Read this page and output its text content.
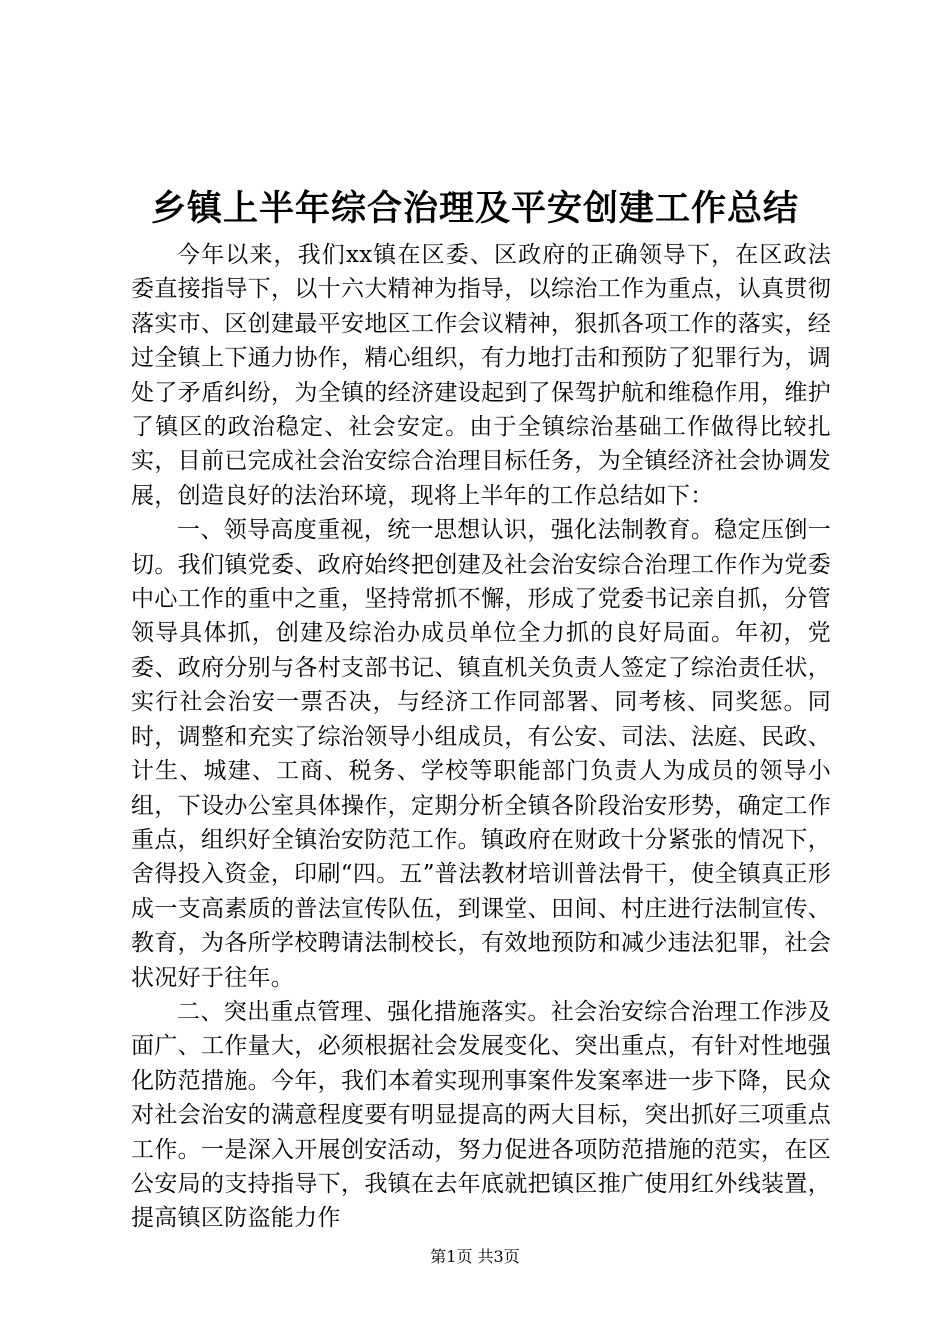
乡镇上半年综合治理及平安创建工作总结

今年以来，我们xx镇在区委、区政府的正确领导下，在区政法委直接指导下，以十六大精神为指导，以综治工作为重点，认真贯彻落实市、区创建最平安地区工作会议精神，狠抓各项工作的落实，经过全镇上下通力协作，精心组织，有力地打击和预防了犯罪行为，调处了矛盾纠纷，为全镇的经济建设起到了保驾护航和维稳作用，维护了镇区的政治稳定、社会安定。由于全镇综治基础工作做得比较扎实，目前已完成社会治安综合治理目标任务，为全镇经济社会协调发展，创造良好的法治环境，现将上半年的工作总结如下：

一、领导高度重视，统一思想认识，强化法制教育。稳定压倒一切。我们镇党委、政府始终把创建及社会治安综合治理工作作为党委中心工作的重中之重，坚持常抓不懈，形成了党委书记亲自抓，分管领导具体抓，创建及综治办成员单位全力抓的良好局面。年初，党委、政府分别与各村支部书记、镇直机关负责人签定了综治责任状，实行社会治安一票否决，与经济工作同部署、同考核、同奖惩。同时，调整和充实了综治领导小组成员，有公安、司法、法庭、民政、计生、城建、工商、税务、学校等职能部门负责人为成员的领导小组，下设办公室具体操作，定期分析全镇各阶段治安形势，确定工作重点，组织好全镇治安防范工作。镇政府在财政十分紧张的情况下，舍得投入资金，印刷“四。五”普法教材培训普法骨干，使全镇真正形成一支高素质的普法宣传队伍，到课堂、田间、村庄进行法制宣传、教育，为各所学校聘请法制校长，有效地预防和减少违法犯罪，社会状况好于往年。

二、突出重点管理、强化措施落实。社会治安综合治理工作涉及面广、工作量大，必须根据社会发展变化、突出重点，有针对性地强化防范措施。今年，我们本着实现刑事案件发案率进一步下降，民众对社会治安的满意程度要有明显提高的两大目标，突出抓好三项重点工作。一是深入开展创安活动，努力促进各项防范措施的范实，在区公安局的支持指导下，我镇在去年底就把镇区推广使用红外线装置，提高镇区防盗能力作

第1页 共3页
